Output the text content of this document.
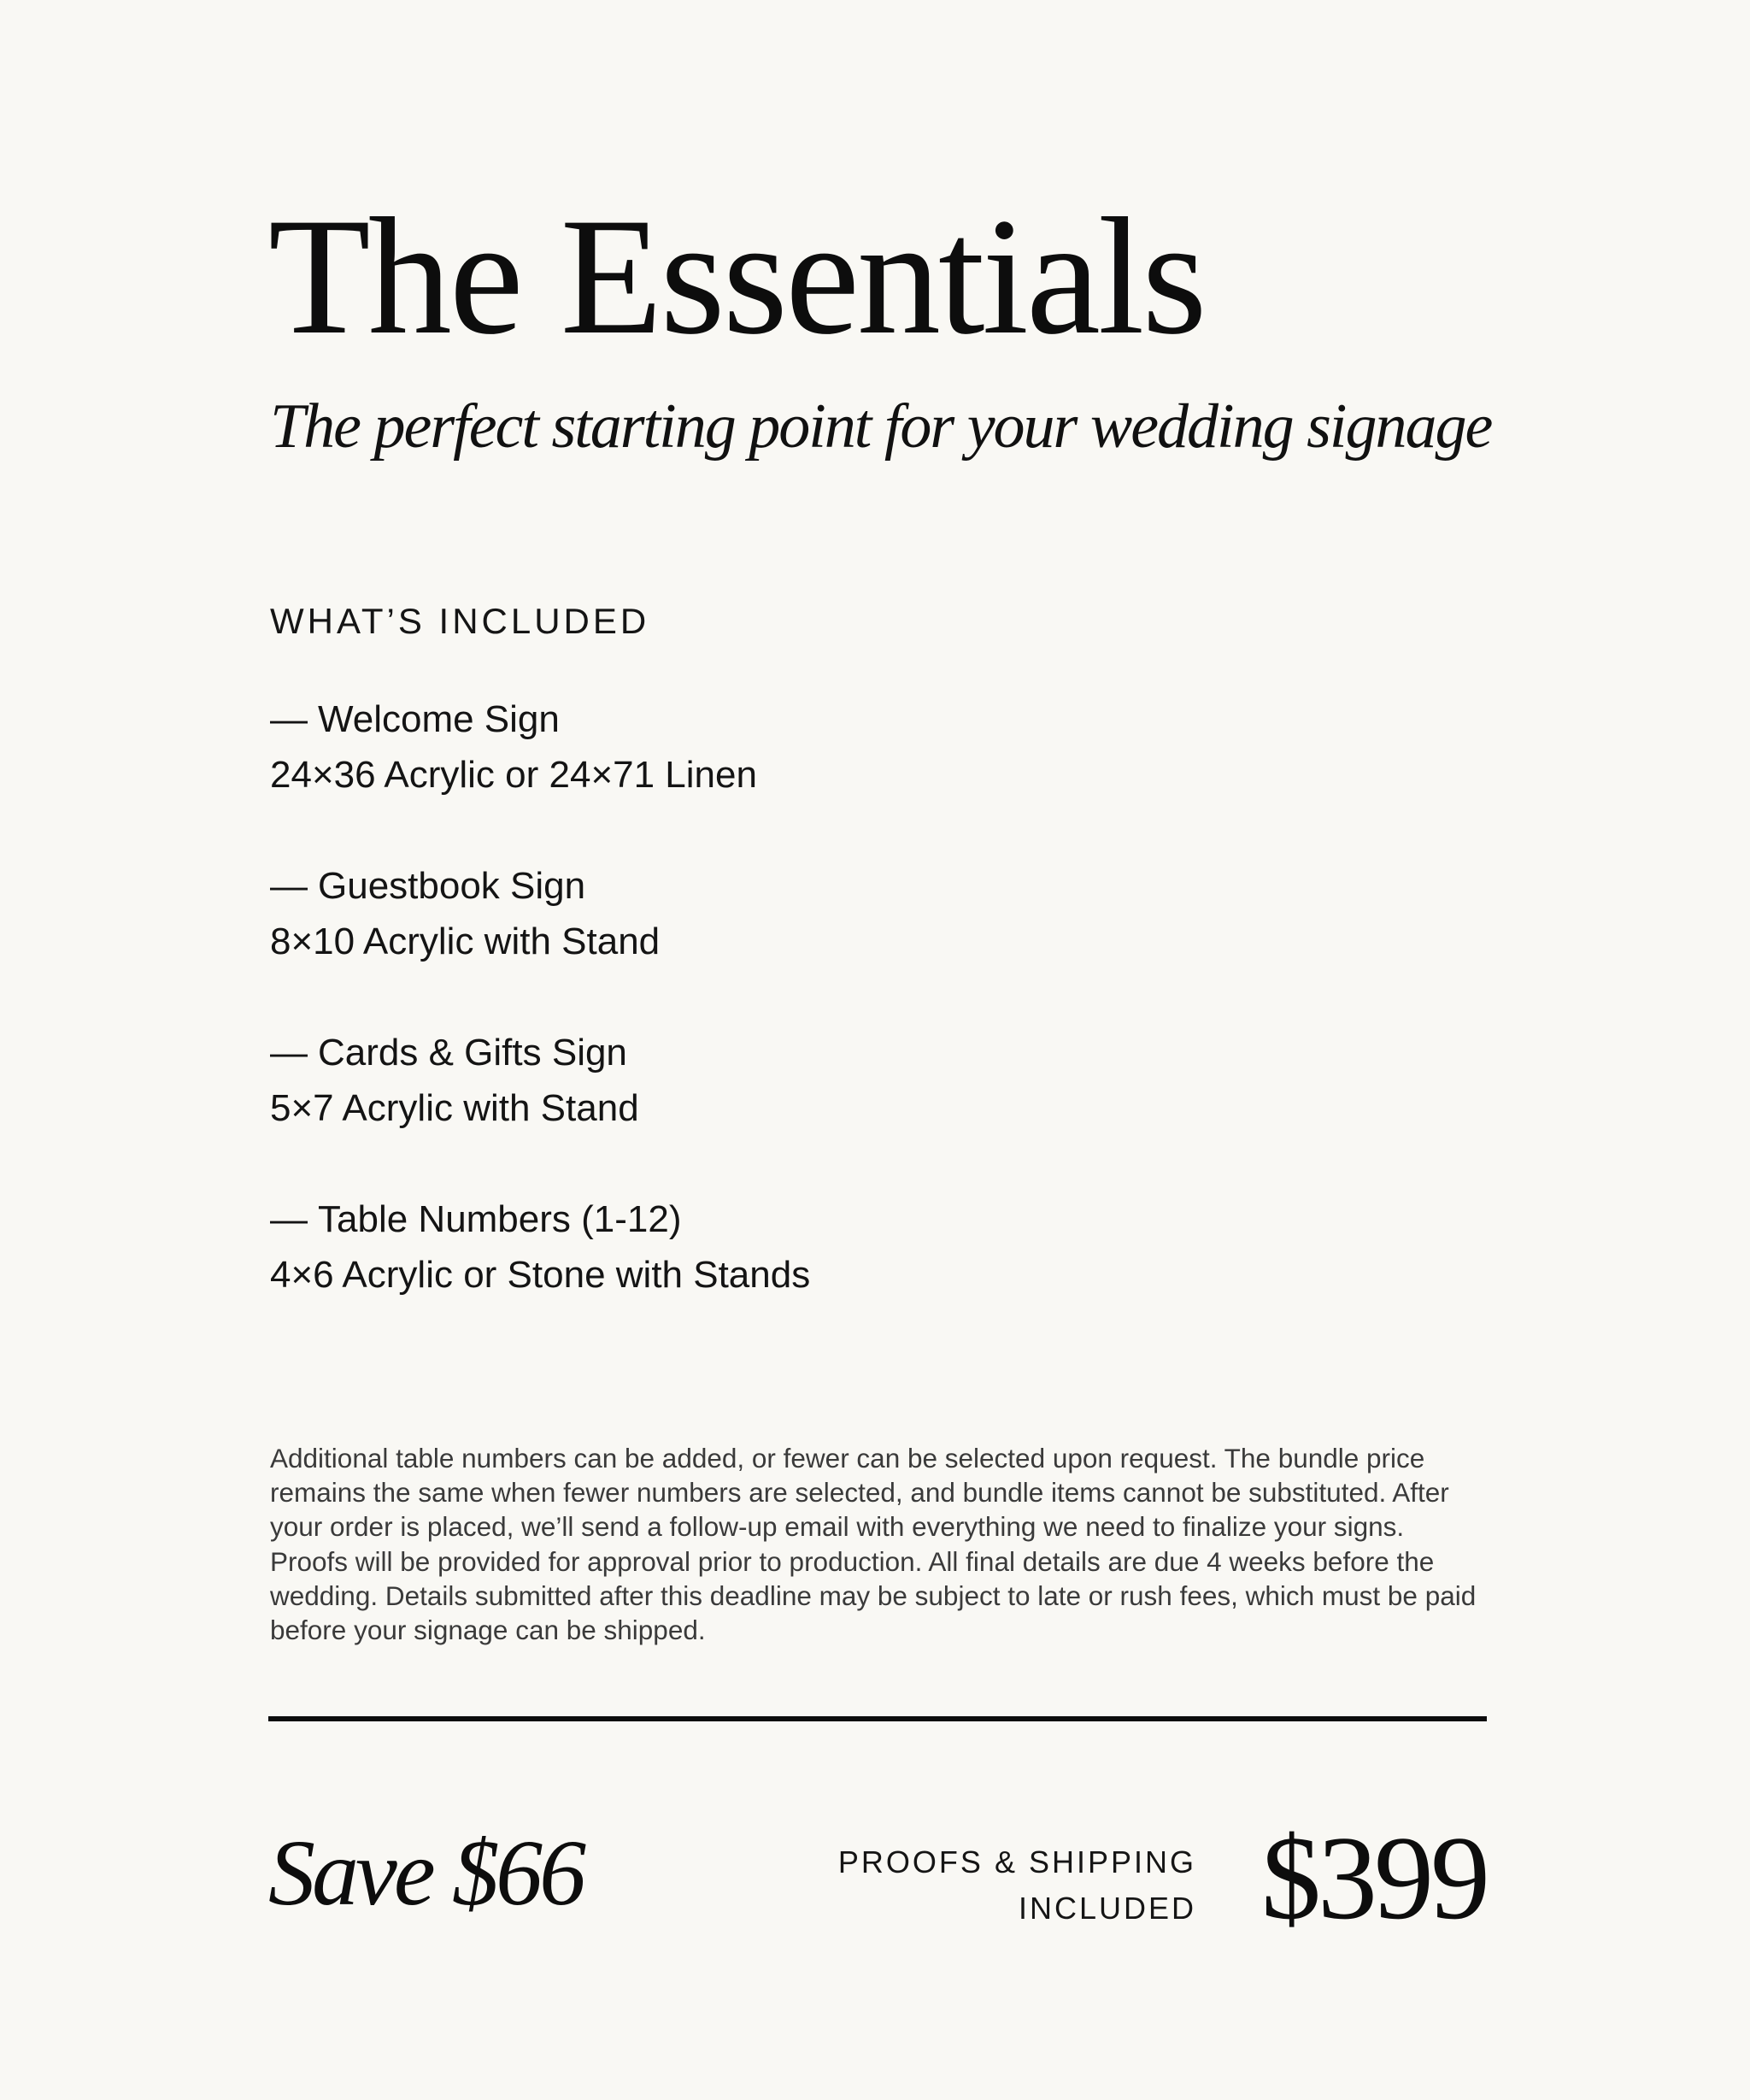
The Essentials
The perfect starting point for your wedding signage
WHAT’S INCLUDED
— Welcome Sign
24×36 Acrylic or 24×71 Linen
— Guestbook Sign
8×10 Acrylic with Stand
— Cards & Gifts Sign
5×7 Acrylic with Stand
— Table Numbers (1-12)
4×6 Acrylic or Stone with Stands

Additional table numbers can be added, or fewer can be selected upon request. The bundle price remains the same when fewer numbers are selected, and bundle items cannot be substituted. After your order is placed, we’ll send a follow-up email with everything we need to finalize your signs. Proofs will be provided for approval prior to production. All final details are due 4 weeks before the wedding. Details submitted after this deadline may be subject to late or rush fees, which must be paid before your signage can be shipped.

Save $66	PROOFS & SHIPPING
INCLUDED $399
